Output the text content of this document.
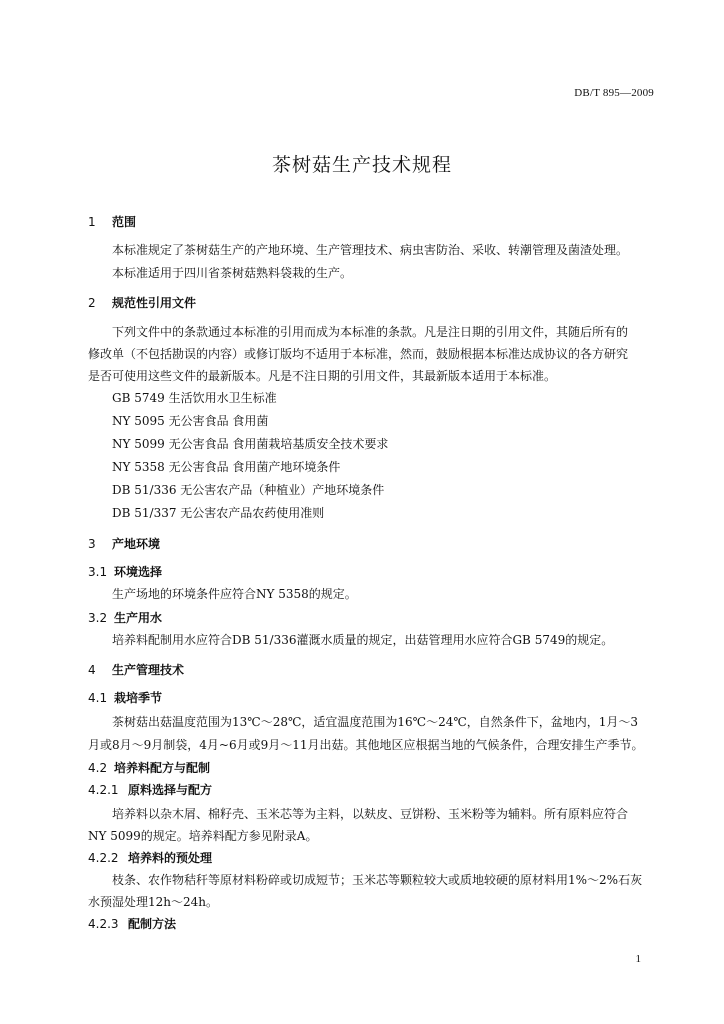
DB/T 895—2009
茶树菇生产技术规程
1 范围
本标准规定了茶树菇生产的产地环境、生产管理技术、病虫害防治、采收、转潮管理及菌渣处理。
本标准适用于四川省茶树菇熟料袋栽的生产。
2 规范性引用文件
下列文件中的条款通过本标准的引用而成为本标准的条款。凡是注日期的引用文件，其随后所有的
修改单（不包括勘误的内容）或修订版均不适用于本标准，然而，鼓励根据本标准达成协议的各方研究
是否可使用这些文件的最新版本。凡是不注日期的引用文件，其最新版本适用于本标准。
GB 5749 生活饮用水卫生标准
NY 5095 无公害食品 食用菌
NY 5099 无公害食品 食用菌栽培基质安全技术要求
NY 5358 无公害食品 食用菌产地环境条件
DB 51/336 无公害农产品（种植业）产地环境条件
DB 51/337 无公害农产品农药使用准则
3 产地环境
3.1 环境选择
生产场地的环境条件应符合NY 5358的规定。
3.2 生产用水
培养料配制用水应符合DB 51/336灌溉水质量的规定，出菇管理用水应符合GB 5749的规定。
4 生产管理技术
4.1 栽培季节
茶树菇出菇温度范围为13℃～28℃，适宜温度范围为16℃～24℃，自然条件下，盆地内，1月～3
月或8月～9月制袋，4月~6月或9月～11月出菇。其他地区应根据当地的气候条件，合理安排生产季节。
4.2 培养料配方与配制
4.2.1 原料选择与配方
培养料以杂木屑、棉籽壳、玉米芯等为主料，以麸皮、豆饼粉、玉米粉等为辅料。所有原料应符合
NY 5099的规定。培养料配方参见附录A。
4.2.2 培养料的预处理
枝条、农作物秸秆等原材料粉碎或切成短节；玉米芯等颗粒较大或质地较硬的原材料用1%～2%石灰
水预湿处理12h～24h。
4.2.3 配制方法
1
